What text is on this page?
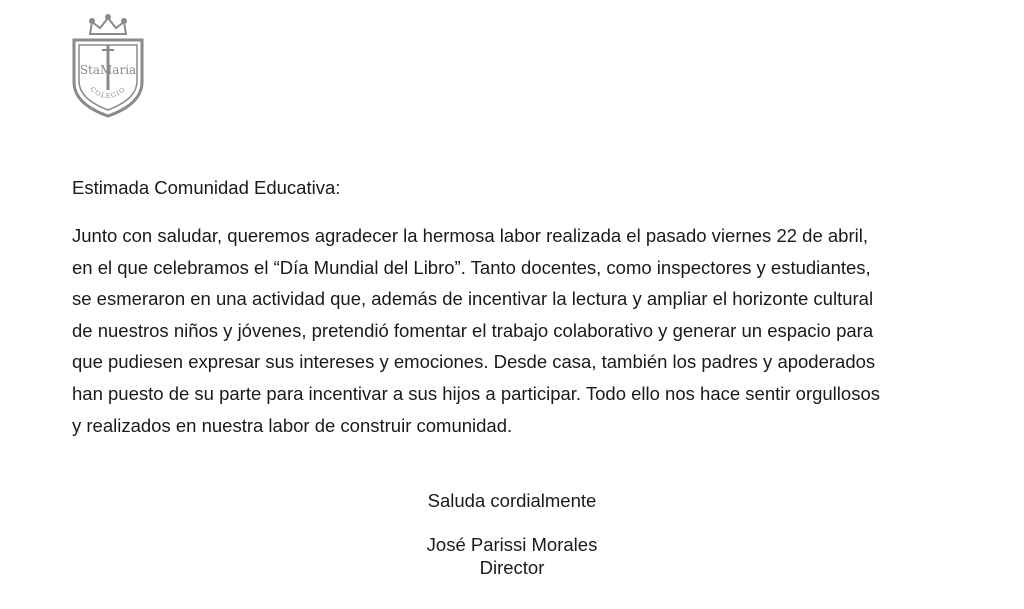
StaMaria
COLEGIO
Estimada Comunidad Educativa:

Junto con saludar, queremos agradecer la hermosa labor realizada el pasado viernes 22 de abril,
en el que celebramos el “Día Mundial del Libro”. Tanto docentes, como inspectores y estudiantes,
se esmeraron en una actividad que, además de incentivar la lectura y ampliar el horizonte cultural
de nuestros niños y jóvenes, pretendió fomentar el trabajo colaborativo y generar un espacio para
que pudiesen expresar sus intereses y emociones. Desde casa, también los padres y apoderados
han puesto de su parte para incentivar a sus hijos a participar. Todo ello nos hace sentir orgullosos
y realizados en nuestra labor de construir comunidad.

Saluda cordialmente
José Parissi Morales
Director
